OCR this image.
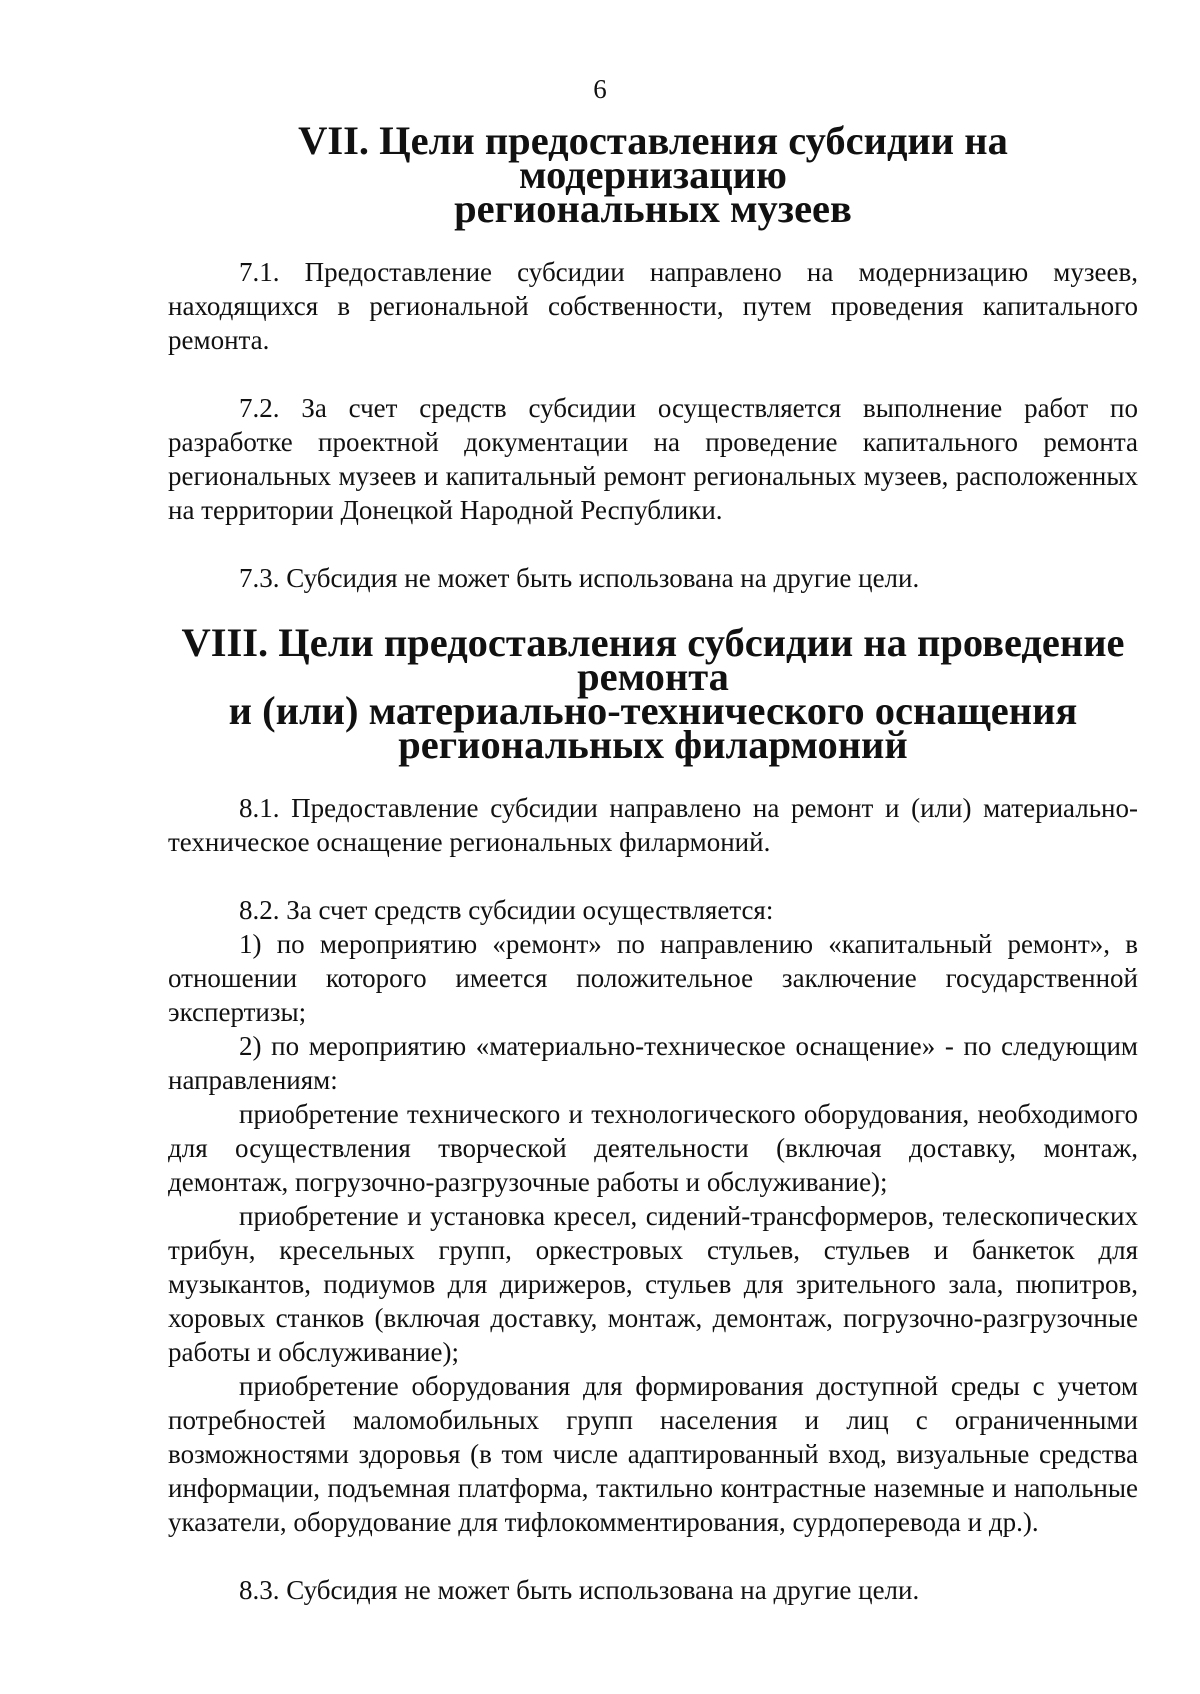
6
VII. Цели предоставления субсидии на модернизацию
региональных музеев

7.1. Предоставление субсидии направлено на модернизацию музеев, находящихся в региональной собственности, путем проведения капитального ремонта.

7.2. За счет средств субсидии осуществляется выполнение работ по разработке проектной документации на проведение капитального ремонта региональных музеев и капитальный ремонт региональных музеев, расположенных на территории Донецкой Народной Республики.

7.3. Субсидия не может быть использована на другие цели.

VIII. Цели предоставления субсидии на проведение ремонта
и (или) материально-технического оснащения региональных филармоний

8.1. Предоставление субсидии направлено на ремонт и (или) материально-техническое оснащение региональных филармоний.

8.2. За счет средств субсидии осуществляется:

1) по мероприятию «ремонт» по направлению «капитальный ремонт», в отношении которого имеется положительное заключение государственной экспертизы;

2) по мероприятию «материально-техническое оснащение» - по следующим направлениям:

приобретение технического и технологического оборудования, необходимого для осуществления творческой деятельности (включая доставку, монтаж, демонтаж, погрузочно-разгрузочные работы и обслуживание);

приобретение и установка кресел, сидений-трансформеров, телескопических трибун, кресельных групп, оркестровых стульев, стульев и банкеток для музыкантов, подиумов для дирижеров, стульев для зрительного зала, пюпитров, хоровых станков (включая доставку, монтаж, демонтаж, погрузочно-разгрузочные работы и обслуживание);

приобретение оборудования для формирования доступной среды с учетом потребностей маломобильных групп населения и лиц с ограниченными возможностями здоровья (в том числе адаптированный вход, визуальные средства информации, подъемная платформа, тактильно контрастные наземные и напольные указатели, оборудование для тифлокомментирования, сурдоперевода и др.).

8.3. Субсидия не может быть использована на другие цели.
